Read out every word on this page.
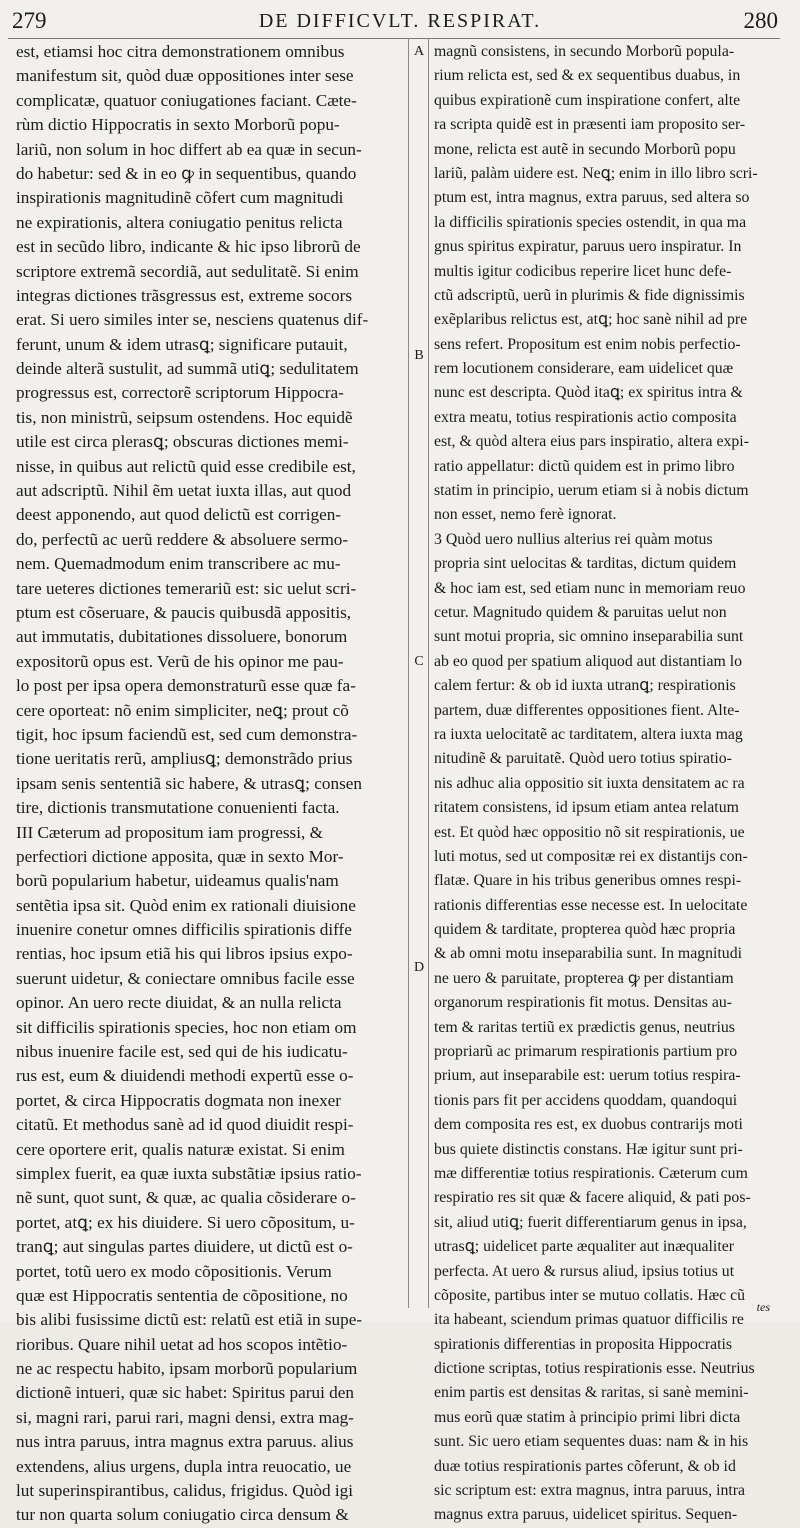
279	DE DIFFICVLT. RESPIRAT.	280
A
B
C
D
est, etiamsi hoc citra demonstrationem omnibus
manifestum sit, quòd duæ oppositiones inter sese
complicatæ, quatuor coniugationes faciant. Cæte-
rùm dictio Hippocratis in sexto Morborũ popu-
lariũ, non solum in hoc differt ab ea quæ in secun-
do habetur: sed & in eo ꝙ in sequentibus, quando
inspirationis magnitudinẽ cõfert cum magnitudi
ne expirationis, altera coniugatio penitus relicta
est in secũdo libro, indicante & hic ipso librorũ de
scriptore extremã secordiã, aut sedulitatẽ. Si enim
integras dictiones trãsgressus est, extreme socors
erat. Si uero similes inter se, nesciens quatenus dif-
ferunt, unum & idem utrasꝗ; significare putauit,
deinde alterã sustulit, ad summã utiꝗ; sedulitatem
progressus est, correctorẽ scriptorum Hippocra-
tis, non ministrũ, seipsum ostendens. Hoc equidẽ
utile est circa plerasꝗ; obscuras dictiones memi-
nisse, in quibus aut relictũ quid esse credibile est,
aut adscriptũ. Nihil ẽm uetat iuxta illas, aut quod
deest apponendo, aut quod delictũ est corrigen-
do, perfectũ ac uerũ reddere & absoluere sermo-
nem. Quemadmodum enim transcribere ac mu-
tare ueteres dictiones temerariũ est: sic uelut scri-
ptum est cõseruare, & paucis quibusdã appositis,
aut immutatis, dubitationes dissoluere, bonorum
expositorũ opus est. Verũ de his opinor me pau-
lo post per ipsa opera demonstraturũ esse quæ fa-
cere oporteat: nõ enim simpliciter, neꝗ; prout cõ
tigit, hoc ipsum faciendũ est, sed cum demonstra-
tione ueritatis rerũ, ampliusꝗ; demonstrãdo prius
ipsam senis sententiã sic habere, & utrasꝗ; consen
tire, dictionis transmutatione conuenienti facta.
III Cæterum ad propositum iam progressi, &
perfectiori dictione apposita, quæ in sexto Mor-
borũ popularium habetur, uideamus qualis'nam
sentẽtia ipsa sit. Quòd enim ex rationali diuisione
inuenire conetur omnes difficilis spirationis diffe
rentias, hoc ipsum etiã his qui libros ipsius expo-
suerunt uidetur, & coniectare omnibus facile esse
opinor. An uero recte diuidat, & an nulla relicta
sit difficilis spirationis species, hoc non etiam om
nibus inuenire facile est, sed qui de his iudicatu-
rus est, eum & diuidendi methodi expertũ esse o-
portet, & circa Hippocratis dogmata non inexer
citatũ. Et methodus sanè ad id quod diuidit respi-
cere oportere erit, qualis naturæ existat. Si enim
simplex fuerit, ea quæ iuxta substãtiæ ipsius ratio-
nẽ sunt, quot sunt, & quæ, ac qualia cõsiderare o-
portet, atꝗ; ex his diuidere. Si uero cõpositum, u-
tranꝗ; aut singulas partes diuidere, ut dictũ est o-
portet, totũ uero ex modo cõpositionis. Verum
quæ est Hippocratis sententia de cõpositione, no
bis alibi fusissime dictũ est: relatũ est etiã in supe-
rioribus. Quare nihil uetat ad hos scopos intẽtio-
ne ac respectu habito, ipsam morborũ popularium
dictionẽ intueri, quæ sic habet: Spiritus parui den
si, magni rari, parui rari, magni densi, extra mag-
nus intra paruus, intra magnus extra paruus. alius
extendens, alius urgens, dupla intra reuocatio, ue
lut superinspirantibus, calidus, frigidus. Quòd igi
tur non quarta solum coniugatio circa densum &
magnũ consistens, in secundo Morborũ popula-
rium relicta est, sed & ex sequentibus duabus, in
quibus expirationẽ cum inspiratione confert, alte
ra scripta quidẽ est in præsenti iam proposito ser-
mone, relicta est autẽ in secundo Morborũ popu
lariũ, palàm uidere est. Neꝗ; enim in illo libro scri-
ptum est, intra magnus, extra paruus, sed altera so
la difficilis spirationis species ostendit, in qua ma
gnus spiritus expiratur, paruus uero inspiratur. In
multis igitur codicibus reperire licet hunc defe-
ctũ adscriptũ, uerũ in plurimis & fide dignissimis
exẽplaribus relictus est, atꝗ; hoc sanè nihil ad pre
sens refert. Propositum est enim nobis perfectio-
rem locutionem considerare, eam uidelicet quæ
nunc est descripta. Quòd itaꝗ; ex spiritus intra &
extra meatu, totius respirationis actio composita
est, & quòd altera eius pars inspiratio, altera expi-
ratio appellatur: dictũ quidem est in primo libro
statim in principio, uerum etiam si à nobis dictum
non esset, nemo ferè ignorat.
3 Quòd uero nullius alterius rei quàm motus
propria sint uelocitas & tarditas, dictum quidem
& hoc iam est, sed etiam nunc in memoriam reuo
cetur. Magnitudo quidem & paruitas uelut non
sunt motui propria, sic omnino inseparabilia sunt
ab eo quod per spatium aliquod aut distantiam lo
calem fertur: & ob id iuxta utranꝗ; respirationis
partem, duæ differentes oppositiones fient. Alte-
ra iuxta uelocitatẽ ac tarditatem, altera iuxta mag
nitudinẽ & paruitatẽ. Quòd uero totius spiratio-
nis adhuc alia oppositio sit iuxta densitatem ac ra
ritatem consistens, id ipsum etiam antea relatum
est. Et quòd hæc oppositio nõ sit respirationis, ue
luti motus, sed ut compositæ rei ex distantijs con-
flatæ. Quare in his tribus generibus omnes respi-
rationis differentias esse necesse est. In uelocitate
quidem & tarditate, propterea quòd hæc propria
& ab omni motu inseparabilia sunt. In magnitudi
ne uero & paruitate, propterea ꝙ per distantiam
organorum respirationis fit motus. Densitas au-
tem & raritas tertiũ ex prædictis genus, neutrius
propriarũ ac primarum respirationis partium pro
prium, aut inseparabile est: uerum totius respira-
tionis pars fit per accidens quoddam, quandoqui
dem composita res est, ex duobus contrarijs moti
bus quiete distinctis constans. Hæ igitur sunt pri-
mæ differentiæ totius respirationis. Cæterum cum
respiratio res sit quæ & facere aliquid, & pati pos-
sit, aliud utiꝗ; fuerit differentiarum genus in ipsa,
utrasꝗ; uidelicet parte æqualiter aut inæqualiter
perfecta. At uero & rursus aliud, ipsius totius ut
cõposite, partibus inter se mutuo collatis. Hæc cũ
ita habeant, sciendum primas quatuor difficilis re
spirationis differentias in proposita Hippocratis
dictione scriptas, totius respirationis esse. Neutrius
enim partis est densitas & raritas, si sanè memini-
mus eorũ quæ statim à principio primi libri dicta
sunt. Sic uero etiam sequentes duas: nam & in his
duæ totius respirationis partes cõferunt, & ob id
sic scriptum est: extra magnus, intra paruus, intra
magnus extra paruus, uidelicet spiritus. Sequen-
tes
